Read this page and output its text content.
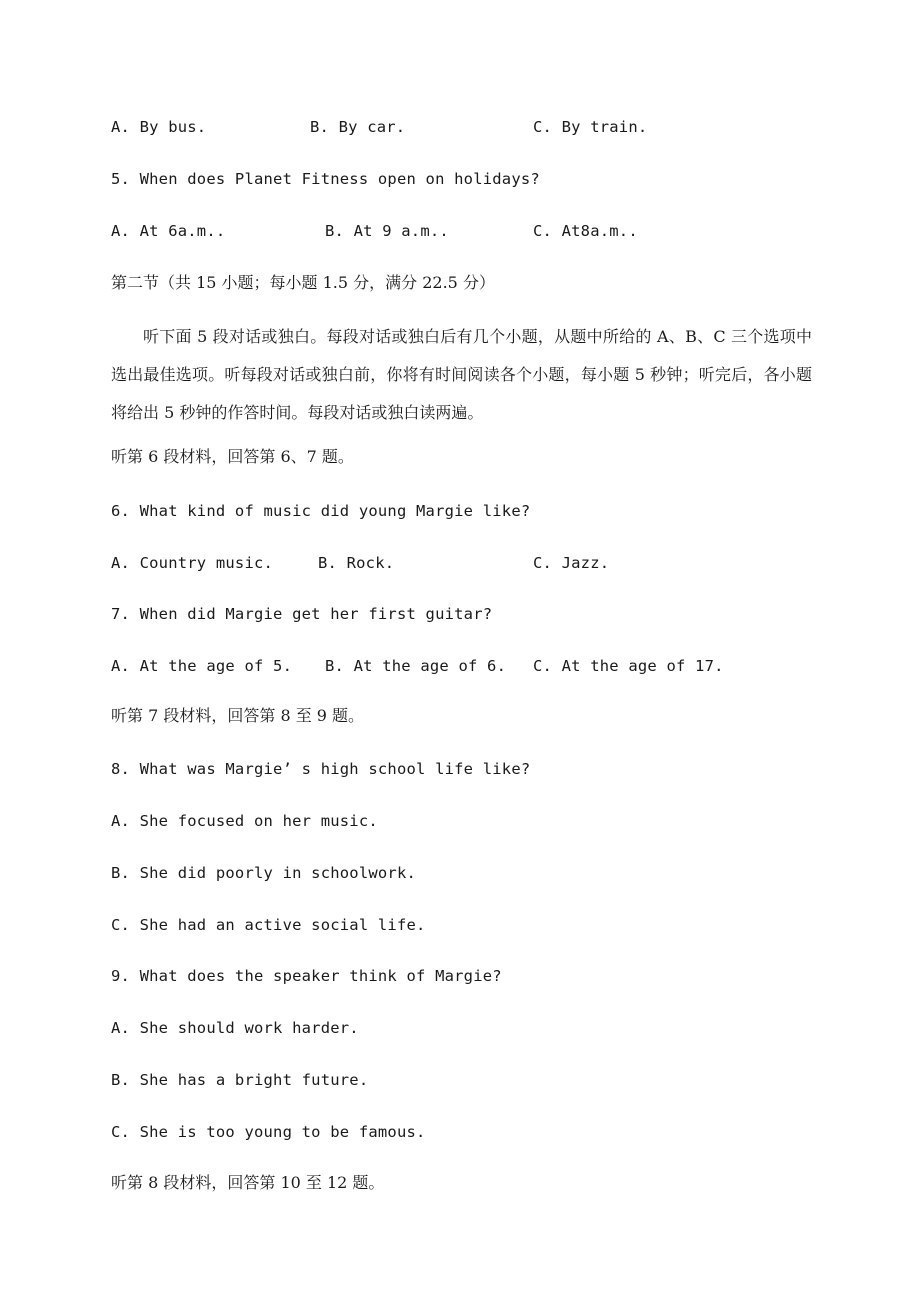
A. By bus.	B. By car.	C. By train.
5. When does Planet Fitness open on holidays?
A. At 6a.m..	B. At 9 a.m..	C. At8a.m..
第二节（共 15 小题；每小题 1.5 分，满分 22.5 分）
听下面 5 段对话或独白。每段对话或独白后有几个小题，从题中所给的 A、B、C 三个选项中选出最佳选项。听每段对话或独白前，你将有时间阅读各个小题，每小题 5 秒钟；听完后，各小题将给出 5 秒钟的作答时间。每段对话或独白读两遍。
听第 6 段材料，回答第 6、7 题。
6. What kind of music did young Margie like?
A. Country music.	B. Rock.	C. Jazz.
7. When did Margie get her first guitar?
A. At the age of 5. B. At the age of 6. C. At the age of 17.
听第 7 段材料，回答第 8 至 9 题。
8. What was Margie’ s high school life like?
A. She focused on her music.
B. She did poorly in schoolwork.
C. She had an active social life.
9. What does the speaker think of Margie?
A. She should work harder.
B. She has a bright future.
C. She is too young to be famous.
听第 8 段材料，回答第 10 至 12 题。
